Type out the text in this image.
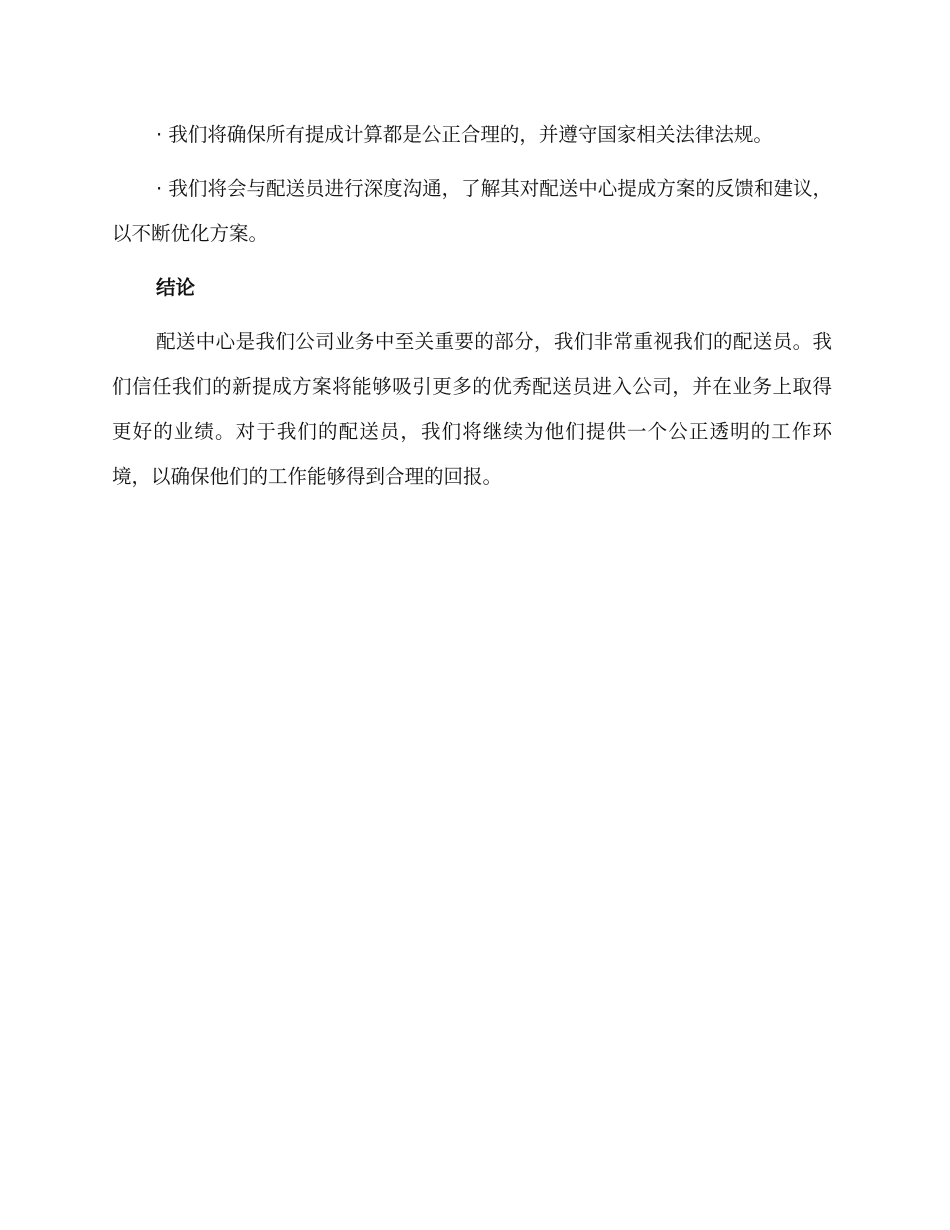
· 我们将确保所有提成计算都是公正合理的，并遵守国家相关法律法规。

· 我们将会与配送员进行深度沟通，了解其对配送中心提成方案的反馈和建议，以不断优化方案。

结论

配送中心是我们公司业务中至关重要的部分，我们非常重视我们的配送员。我们信任我们的新提成方案将能够吸引更多的优秀配送员进入公司，并在业务上取得更好的业绩。对于我们的配送员，我们将继续为他们提供一个公正透明的工作环境，以确保他们的工作能够得到合理的回报。
